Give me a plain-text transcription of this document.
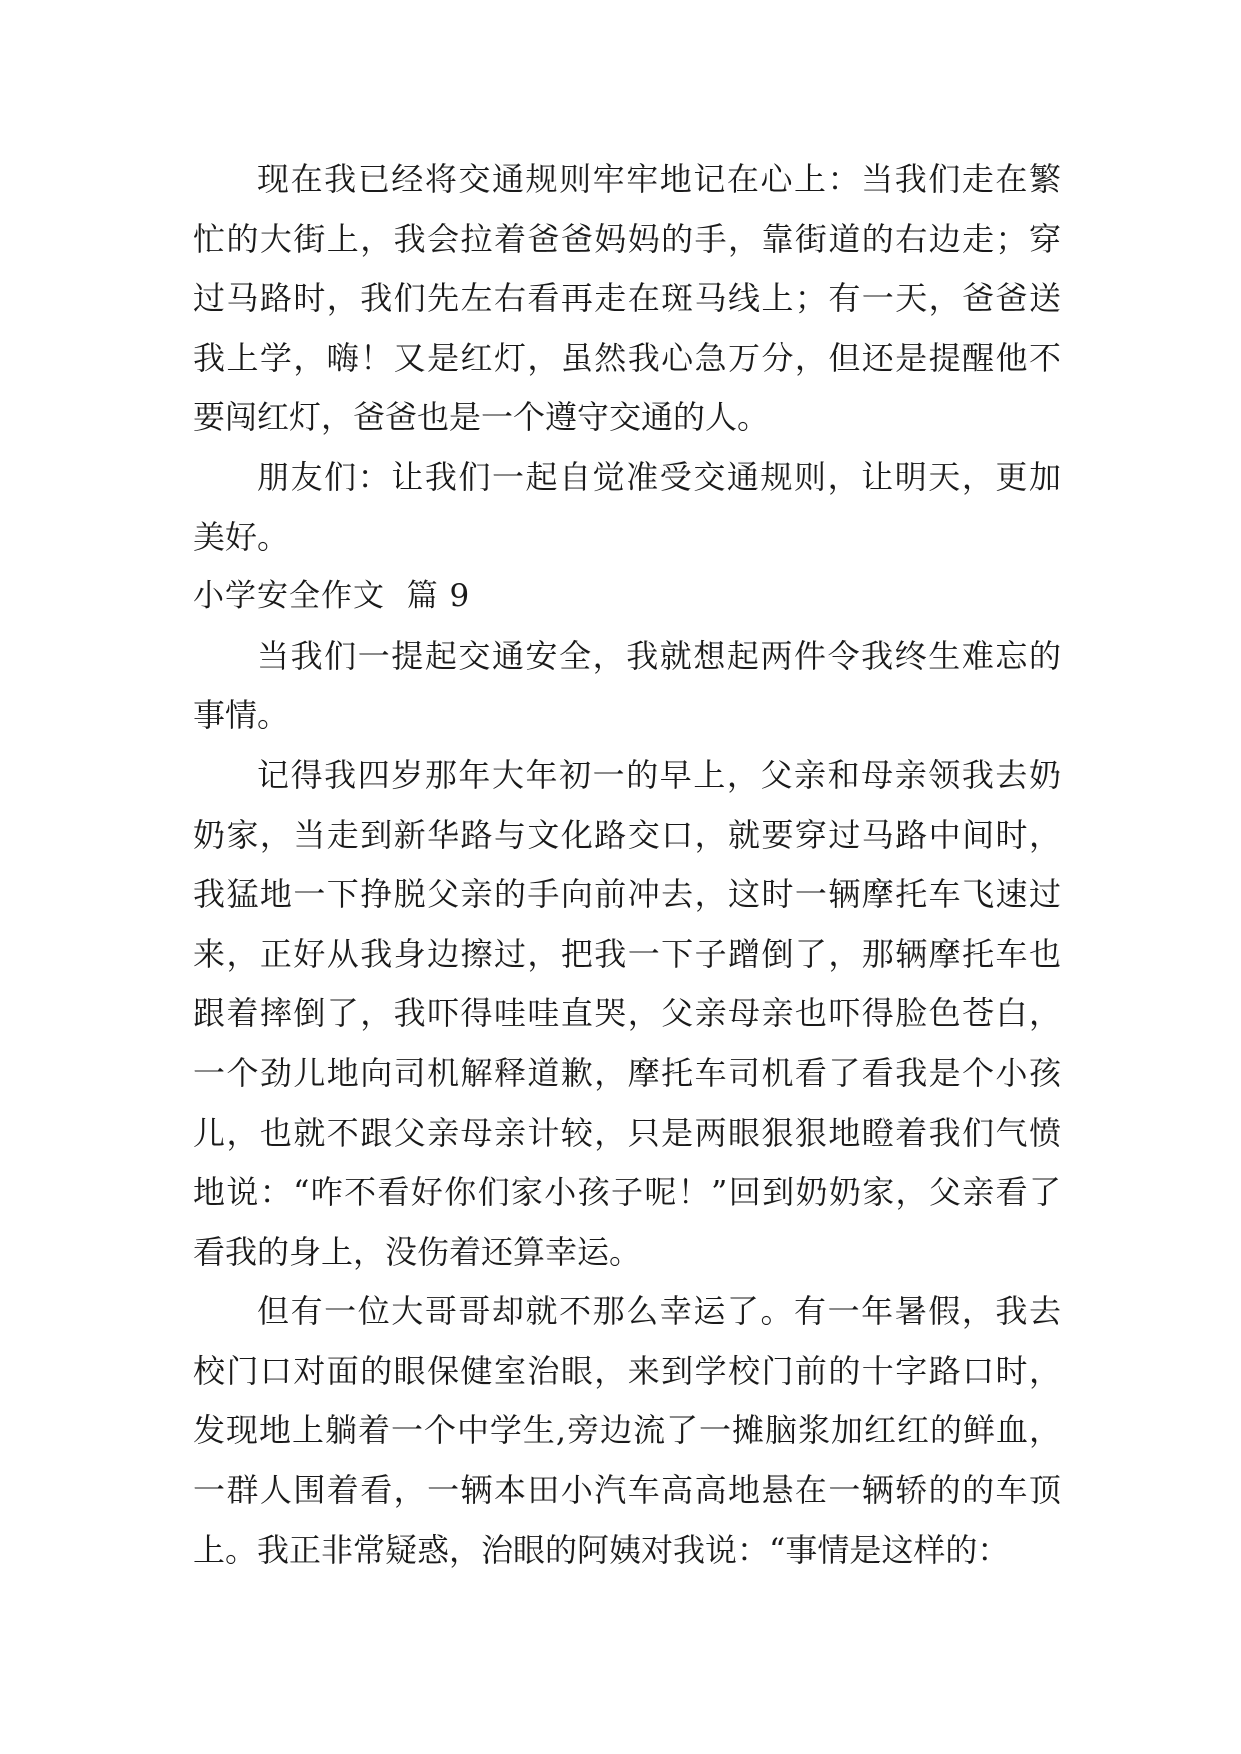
现在我已经将交通规则牢牢地记在心上：当我们走在繁
忙的大街上，我会拉着爸爸妈妈的手，靠街道的右边走；穿
过马路时，我们先左右看再走在斑马线上；有一天，爸爸送
我上学，嗨！又是红灯，虽然我心急万分，但还是提醒他不
要闯红灯，爸爸也是一个遵守交通的人。
朋友们：让我们一起自觉准受交通规则，让明天，更加
美好。
小学安全作文  篇 9
当我们一提起交通安全，我就想起两件令我终生难忘的
事情。
记得我四岁那年大年初一的早上，父亲和母亲领我去奶
奶家，当走到新华路与文化路交口，就要穿过马路中间时，
我猛地一下挣脱父亲的手向前冲去，这时一辆摩托车飞速过
来，正好从我身边擦过，把我一下子蹭倒了，那辆摩托车也
跟着摔倒了，我吓得哇哇直哭，父亲母亲也吓得脸色苍白，
一个劲儿地向司机解释道歉，摩托车司机看了看我是个小孩
儿，也就不跟父亲母亲计较，只是两眼狠狠地瞪着我们气愤
地说：“咋不看好你们家小孩子呢！”回到奶奶家，父亲看了
看我的身上，没伤着还算幸运。
但有一位大哥哥却就不那么幸运了。有一年暑假，我去
校门口对面的眼保健室治眼，来到学校门前的十字路口时，
发现地上躺着一个中学生,旁边流了一摊脑浆加红红的鲜血，
一群人围着看，一辆本田小汽车高高地悬在一辆轿的的车顶
上。我正非常疑惑，治眼的阿姨对我说：“事情是这样的：
